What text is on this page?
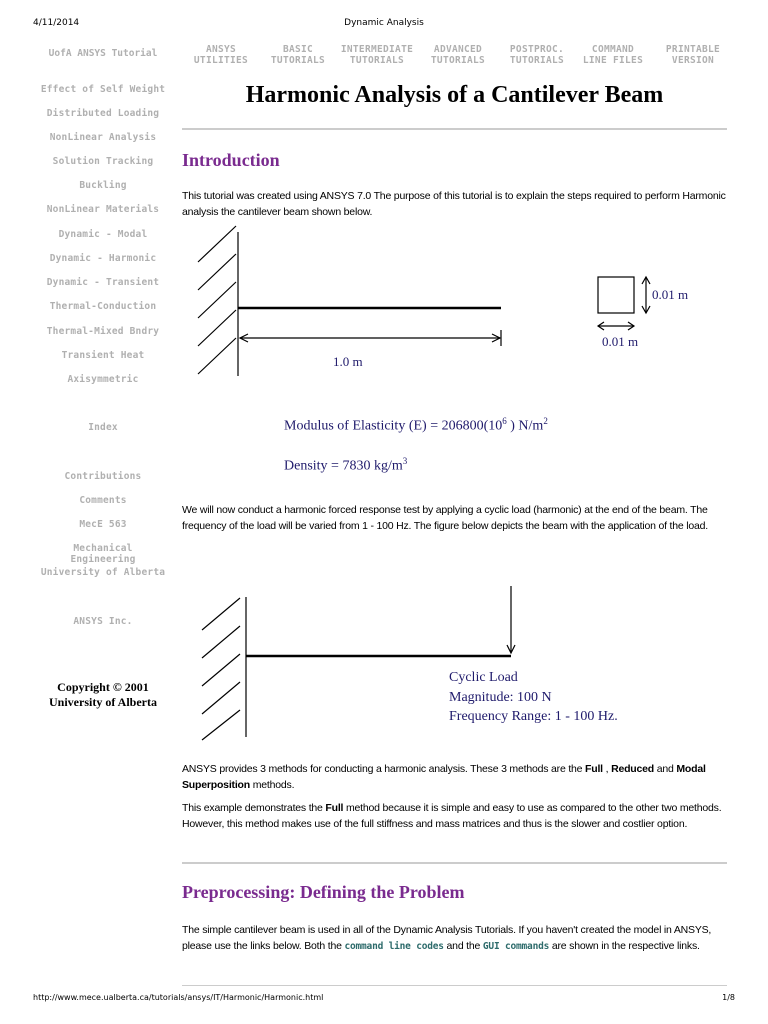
4/11/2014	Dynamic Analysis
UofA ANSYS Tutorial
Effect of Self Weight
Distributed Loading
NonLinear Analysis
Solution Tracking
Buckling
NonLinear Materials
Dynamic - Modal
Dynamic - Harmonic
Dynamic - Transient
Thermal-Conduction
Thermal-Mixed Bndry
Transient Heat
Axisymmetric
Index
Contributions
Comments
MecE 563
Mechanical Engineering
University of Alberta
ANSYS Inc.
Copyright © 2001
University of Alberta
ANSYS
UTILITIES
BASIC
TUTORIALS
INTERMEDIATE
TUTORIALS
ADVANCED
TUTORIALS
POSTPROC.
TUTORIALS
COMMAND
LINE FILES
PRINTABLE
VERSION
Harmonic Analysis of a Cantilever Beam
Introduction
This tutorial was created using ANSYS 7.0 The purpose of this tutorial is to explain the steps required to perform Harmonic analysis the cantilever beam shown below.
1.0 m
0.01 m
0.01 m
Modulus of Elasticity $(E) = 206800(10^6$ ) $N/m^2$
Density = 7830 $kg/m^3$
We will now conduct a harmonic forced response test by applying a cyclic load (harmonic) at the end of the beam. The frequency of the load will be varied from 1 - 100 Hz. The figure below depicts the beam with the application of the load.
Cyclic Load
Magnitude: 100 N
Frequency Range: 1 - 100 Hz.
ANSYS provides 3 methods for conducting a harmonic analysis. These 3 methods are the Full , Reduced and Modal Superposition methods.
This example demonstrates the Full method because it is simple and easy to use as compared to the other two methods. However, this method makes use of the full stiffness and mass matrices and thus is the slower and costlier option.
Preprocessing: Defining the Problem
The simple cantilever beam is used in all of the Dynamic Analysis Tutorials. If you haven't created the model in ANSYS, please use the links below. Both the command line codes and the GUI commands are shown in the respective links.
http://www.mece.ualberta.ca/tutorials/ansys/IT/Harmonic/Harmonic.html	1/8
